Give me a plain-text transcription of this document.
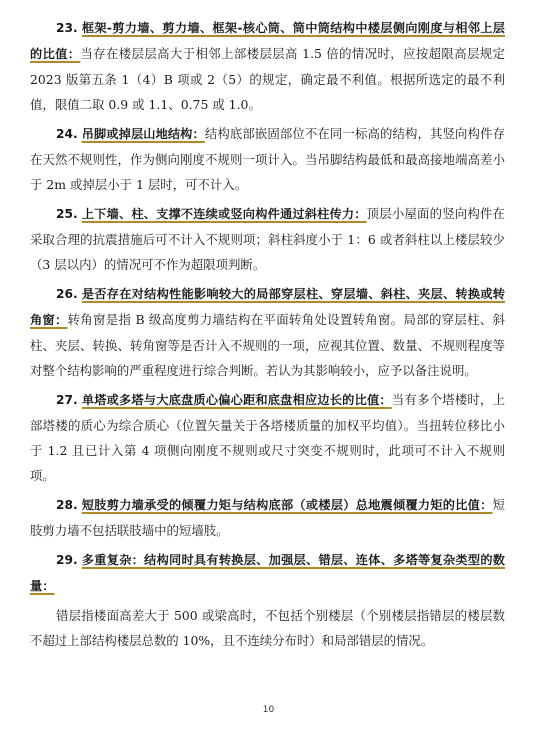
23. 框架-剪力墙、剪力墙、框架-核心筒、筒中筒结构中楼层侧向刚度与相邻上层的比值：当存在楼层层高大于相邻上部楼层层高 1.5 倍的情况时，应按超限高层规定 2023 版第五条 1（4）B 项或 2（5）的规定，确定最不利值。根据所选定的最不利值，限值二取 0.9 或 1.1、0.75 或 1.0。

24. 吊脚或掉层山地结构：结构底部嵌固部位不在同一标高的结构，其竖向构件存在天然不规则性，作为侧向刚度不规则一项计入。当吊脚结构最低和最高接地端高差小于 2m 或掉层小于 1 层时，可不计入。

25. 上下墙、柱、支撑不连续或竖向构件通过斜柱传力：顶层小屋面的竖向构件在采取合理的抗震措施后可不计入不规则项；斜柱斜度小于 1：6 或者斜柱以上楼层较少（3 层以内）的情况可不作为超限项判断。

26. 是否存在对结构性能影响较大的局部穿层柱、穿层墙、斜柱、夹层、转换或转角窗：转角窗是指 B 级高度剪力墙结构在平面转角处设置转角窗。局部的穿层柱、斜柱、夹层、转换、转角窗等是否计入不规则的一项，应视其位置、数量、不规则程度等对整个结构影响的严重程度进行综合判断。若认为其影响较小，应予以备注说明。

27. 单塔或多塔与大底盘质心偏心距和底盘相应边长的比值：当有多个塔楼时，上部塔楼的质心为综合质心（位置矢量关于各塔楼质量的加权平均值）。当扭转位移比小于 1.2 且已计入第 4 项侧向刚度不规则或尺寸突变不规则时，此项可不计入不规则项。

28. 短肢剪力墙承受的倾覆力矩与结构底部（或楼层）总地震倾覆力矩的比值：短肢剪力墙不包括联肢墙中的短墙肢。

29. 多重复杂：结构同时具有转换层、加强层、错层、连体、多塔等复杂类型的数量：

错层指楼面高差大于 500 或梁高时，不包括个别楼层（个别楼层指错层的楼层数不超过上部结构楼层总数的 10%，且不连续分布时）和局部错层的情况。

10
